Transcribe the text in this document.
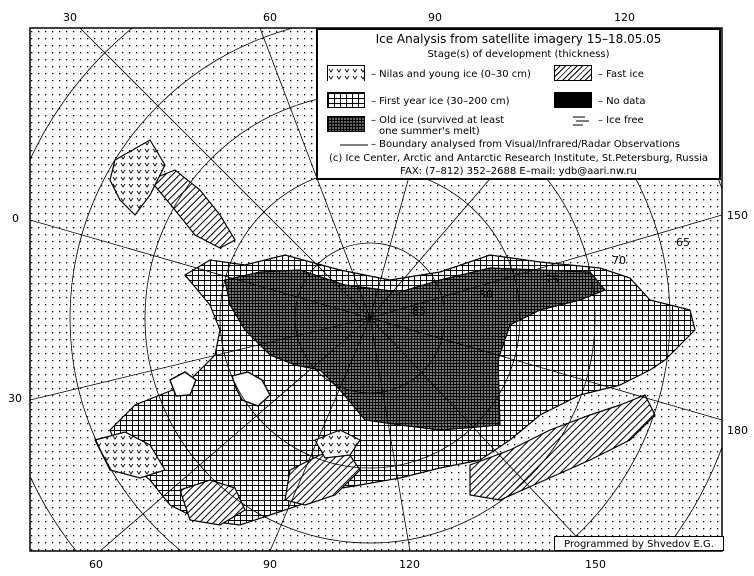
30	60	90	120
60	90	120	150
0
30
150
180
65
70
75
80
85
Ice Analysis from satellite imagery 15–18.05.05
Stage(s) of development (thickness)
– Nilas and young ice (0–30 cm)	– Fast ice
– First year ice (30–200 cm)	– No data
– Old ice (survived at least
one summer's melt)
– Ice free
– Boundary analysed from Visual/Infrared/Radar Observations
(c) Ice Center, Arctic and Antarctic Research Institute, St.Petersburg, Russia
FAX: (7–812) 352–2688 E–mail: ydb@aari.nw.ru
Programmed by Shvedov E.G.
